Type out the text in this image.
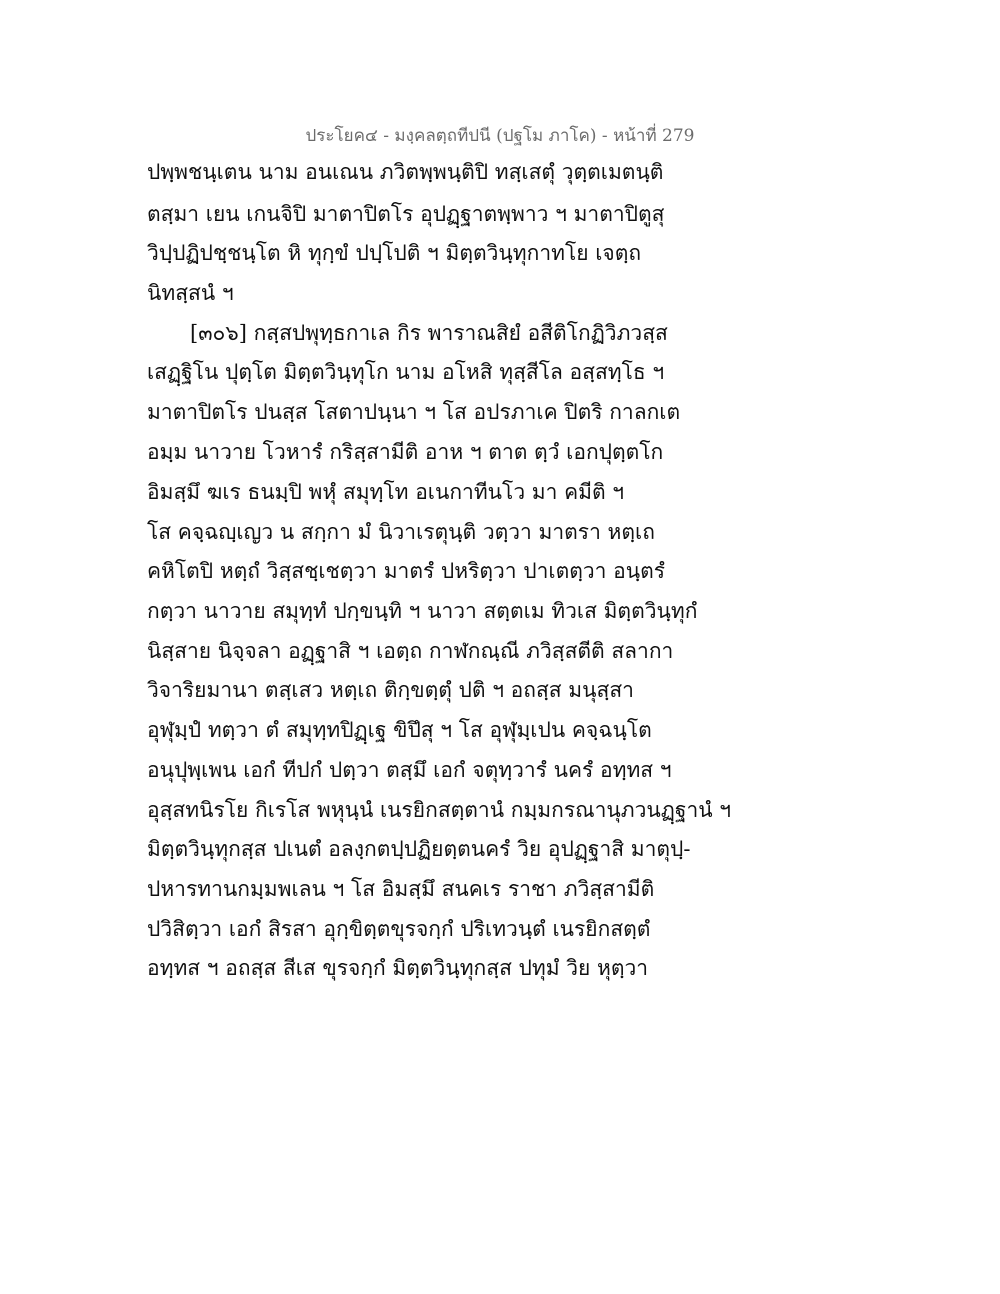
ประโยค๔ - มงฺคลตฺถทีปนี (ปฐโม ภาโค) - หน้าที่ 279
ปพฺพชนฺเตน นาม อนเณน ภวิตพฺพนฺติปิ ทสฺเสตุํ วุตฺตเมตนฺติ
ตสฺมา เยน เกนจิปิ มาตาปิตโร อุปฏฺฐาตพฺพาว ฯ มาตาปิตูสุ
วิปฺปฏิปชฺชนฺโต หิ ทุกฺขํ ปปฺโปติ ฯ มิตฺตวินฺทุกาทโย เจตฺถ
นิทสฺสนํ ฯ
[๓๐๖] กสฺสปพุทฺธกาเล กิร พาราณสิยํ อสีติโกฏิวิภวสฺส
เสฏฺฐิโน ปุตฺโต มิตฺตวินฺทุโก นาม อโหสิ ทุสฺสีโล อสฺสทฺโธ ฯ
มาตาปิตโร ปนสฺส โสตาปนฺนา ฯ โส อปรภาเค ปิตริ กาลกเต
อมฺม นาวาย โวหารํ กริสฺสามีติ อาห ฯ ตาต ตฺวํ เอกปุตฺตโก
อิมสฺมึ ฆเร ธนมฺปิ พหุํ สมุทฺโท อเนกาทีนโว มา คมีติ ฯ
โส คจฺฉญฺเญว น สกฺกา มํ นิวาเรตุนฺติ วตฺวา มาตรา หตฺเถ
คหิโตปิ หตฺถํ วิสฺสชฺเชตฺวา มาตรํ ปหริตฺวา ปาเตตฺวา อนฺตรํ
กตฺวา นาวาย สมุทฺทํ ปกฺขนฺทิ ฯ นาวา สตฺตเม ทิวเส มิตฺตวินฺทุกํ
นิสฺสาย นิจฺจลา อฏฺฐาสิ ฯ เอตฺถ กาฬกณฺณี ภวิสฺสตีติ สลากา
วิจาริยมานา ตสฺเสว หตฺเถ ติกฺขตฺตุํ ปติ ฯ อถสฺส มนุสฺสา
อุฬุมฺปํ ทตฺวา ตํ สมุทฺทปิฏฺเฐ ขิปึสุ ฯ โส อุฬุมฺเปน คจฺฉนฺโต
อนุปุพฺเพน เอกํ ทีปกํ ปตฺวา ตสฺมึ เอกํ จตุทฺวารํ นครํ อทฺทส ฯ
อุสฺสทนิรโย กิเรโส พหุนฺนํ เนรยิกสตฺตานํ กมฺมกรณานุภวนฏฺฐานํ ฯ
มิตฺตวินฺทุกสฺส ปเนตํ อลงฺกตปฺปฏิยตฺตนครํ วิย อุปฏฺฐาสิ มาตุปฺ-
ปหารทานกมฺมพเลน ฯ โส อิมสฺมึ สนคเร ราชา ภวิสฺสามีติ
ปวิสิตฺวา เอกํ สิรสา อุกฺขิตฺตขุรจกฺกํ ปริเทวนฺตํ เนรยิกสตฺตํ
อทฺทส ฯ อถสฺส สีเส ขุรจกฺกํ มิตฺตวินฺทุกสฺส ปทุมํ วิย หุตฺวา
